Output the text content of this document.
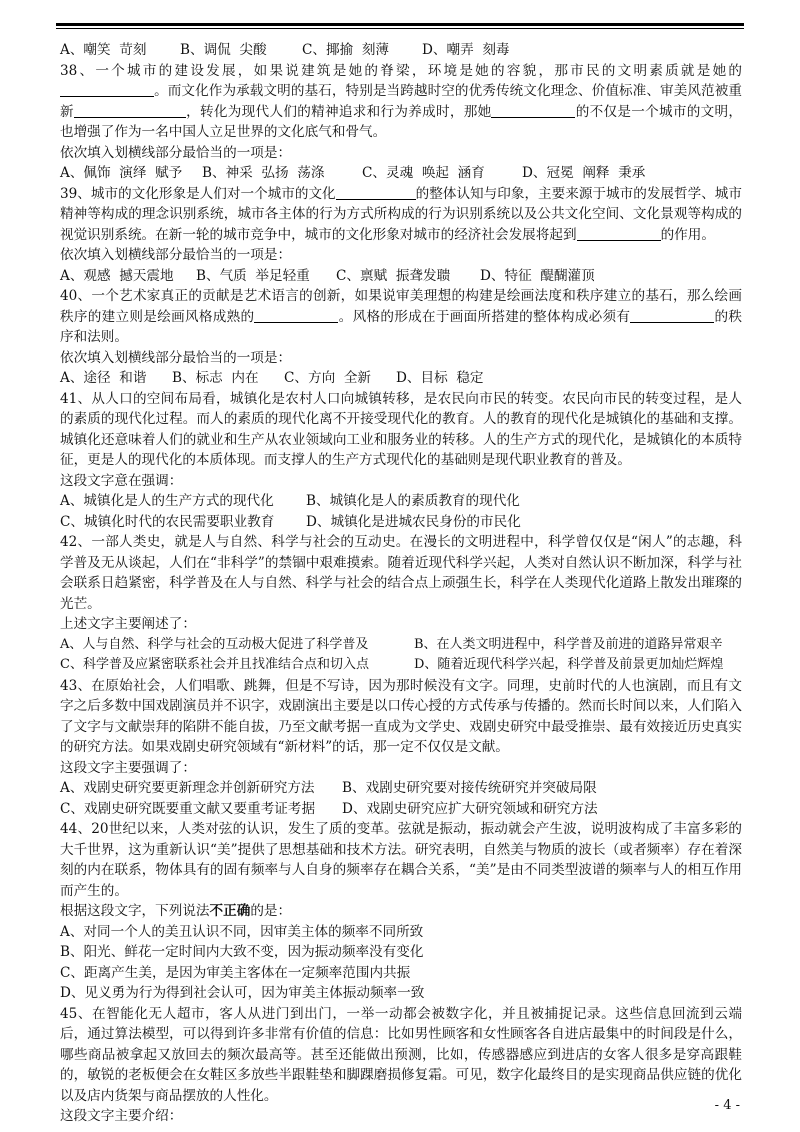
A、嘲笑  苛刻 B、调侃  尖酸	C、揶揄  刻薄 D、嘲弄  刻毒
38、一个城市的建设发展，如果说建筑是她的脊梁，环境是她的容貌，那市民的文明素质就是她的。而文化作为承载文明的基石，特别是当跨越时空的优秀传统文化理念、价值标准、审美风范被重新	，转化为现代人们的精神追求和行为养成时，那她	的不仅是一个城市的文明，也增强了作为一名中国人立足世界的文化底气和骨气。
依次填入划横线部分最恰当的一项是：
A、佩饰  演绎  赋予 B、神采  弘扬  荡涤	C、灵魂  唤起  涵育	D、冠冕  阐释  秉承
39、城市的文化形象是人们对一个城市的文化	的整体认知与印象，主要来源于城市的发展哲学、城市精神等构成的理念识别系统，城市各主体的行为方式所构成的行为识别系统以及公共文化空间、文化景观等构成的视觉识别系统。在新一轮的城市竞争中，城市的文化形象对城市的经济社会发展将起到	的作用。
依次填入划横线部分最恰当的一项是：
A、观感  撼天震地 B、气质  举足轻重 C、禀赋  振聋发聩 D、特征  醍醐灌顶
40、一个艺术家真正的贡献是艺术语言的创新，如果说审美理想的构建是绘画法度和秩序建立的基石，那么绘画秩序的建立则是绘画风格成熟的	。风格的形成在于画面所搭建的整体构成必须有	的秩序和法则。
依次填入划横线部分最恰当的一项是：
A、途径  和谐 B、标志  内在 C、方向  全新 D、目标  稳定
41、从人口的空间布局看，城镇化是农村人口向城镇转移，是农民向市民的转变。农民向市民的转变过程，是人的素质的现代化过程。而人的素质的现代化离不开接受现代化的教育。人的教育的现代化是城镇化的基础和支撑。城镇化还意味着人们的就业和生产从农业领域向工业和服务业的转移。人的生产方式的现代化，是城镇化的本质特征，更是人的现代化的本质体现。而支撑人的生产方式现代化的基础则是现代职业教育的普及。
这段文字意在强调：
A、城镇化是人的生产方式的现代化	B、城镇化是人的素质教育的现代化
C、城镇化时代的农民需要职业教育	D、城镇化是进城农民身份的市民化
42、一部人类史，就是人与自然、科学与社会的互动史。在漫长的文明进程中，科学曾仅仅是“闲人”的志趣，科学普及无从谈起，人们在“非科学”的禁锢中艰难摸索。随着近现代科学兴起，人类对自然认识不断加深，科学与社会联系日趋紧密，科学普及在人与自然、科学与社会的结合点上顽强生长，科学在人类现代化道路上散发出璀璨的光芒。
上述文字主要阐述了：
A、人与自然、科学与社会的互动极大促进了科学普及	B、在人类文明进程中，科学普及前进的道路异常艰辛
C、科学普及应紧密联系社会并且找准结合点和切入点	D、随着近现代科学兴起，科学普及前景更加灿烂辉煌
43、在原始社会，人们唱歌、跳舞，但是不写诗，因为那时候没有文字。同理，史前时代的人也演剧，而且有文字之后多数中国戏剧演员并不识字，戏剧演出主要是以口传心授的方式传承与传播的。然而长时间以来，人们陷入了文字与文献崇拜的陷阱不能自拔，乃至文献考据一直成为文学史、戏剧史研究中最受推崇、最有效接近历史真实的研究方法。如果戏剧史研究领域有“新材料”的话，那一定不仅仅是文献。
这段文字主要强调了：
A、戏剧史研究要更新理念并创新研究方法	B、戏剧史研究要对接传统研究并突破局限
C、戏剧史研究既要重文献又要重考证考据	D、戏剧史研究应扩大研究领域和研究方法
44、20世纪以来，人类对弦的认识，发生了质的变革。弦就是振动，振动就会产生波，说明波构成了丰富多彩的大千世界，这为重新认识“美”提供了思想基础和技术方法。研究表明，自然美与物质的波长（或者频率）存在着深刻的内在联系，物体具有的固有频率与人自身的频率存在耦合关系，“美”是由不同类型波谱的频率与人的相互作用而产生的。
根据这段文字，下列说法不正确的是：
A、对同一个人的美丑认识不同，因审美主体的频率不同所致
B、阳光、鲜花一定时间内大致不变，因为振动频率没有变化
C、距离产生美，是因为审美主客体在一定频率范围内共振
D、见义勇为行为得到社会认可，因为审美主体振动频率一致
45、在智能化无人超市，客人从进门到出门，一举一动都会被数字化，并且被捕捉记录。这些信息回流到云端后，通过算法模型，可以得到许多非常有价值的信息：比如男性顾客和女性顾客各自进店最集中的时间段是什么，哪些商品被拿起又放回去的频次最高等。甚至还能做出预测，比如，传感器感应到进店的女客人很多是穿高跟鞋的，敏锐的老板便会在女鞋区多放些半跟鞋垫和脚踝磨损修复霜。可见，数字化最终目的是实现商品供应链的优化以及店内货架与商品摆放的人性化。
这段文字主要介绍：
- 4 -
